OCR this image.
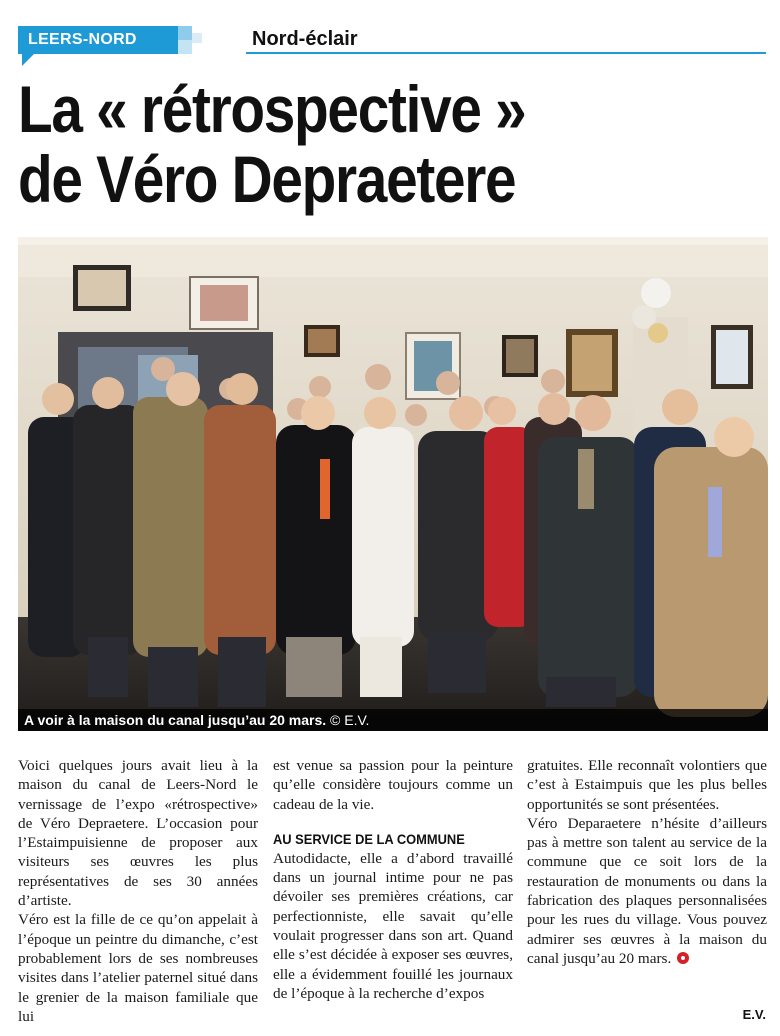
LEERS-NORD	Nord-éclair
La « rétrospective »
de Véro Depraetere
A voir à la maison du canal jusqu’au 20 mars. © E.V.

Voici quelques jours avait lieu à la maison du canal de Leers-Nord le vernissage de l’expo «rétrospective» de Véro Depraetere. L’occasion pour l’Estaimpuisienne de proposer aux visiteurs ses œuvres les plus représentatives de ses 30 années d’artiste.

Véro est la fille de ce qu’on appelait à l’époque un peintre du dimanche, c’est probablement lors de ses nombreuses visites dans l’atelier paternel situé dans le grenier de la maison familiale que lui

est venue sa passion pour la peinture qu’elle considère toujours comme un cadeau de la vie.

AU SERVICE DE LA COMMUNE

Autodidacte, elle a d’abord travaillé dans un journal intime pour ne pas dévoiler ses premières créations, car perfectionniste, elle savait qu’elle voulait progresser dans son art. Quand elle s’est décidée à exposer ses œuvres, elle a évidemment fouillé les journaux de l’époque à la recherche d’expos

gratuites. Elle reconnaît volontiers que c’est à Estaimpuis que les plus belles opportunités se sont présentées.

Véro Deparaetere n’hésite d’ailleurs pas à mettre son talent au service de la commune que ce soit lors de la restauration de monuments ou dans la fabrication des plaques personnalisées pour les rues du village. Vous pouvez admirer ses œuvres à la maison du canal jusqu’au 20 mars.

E.V.
